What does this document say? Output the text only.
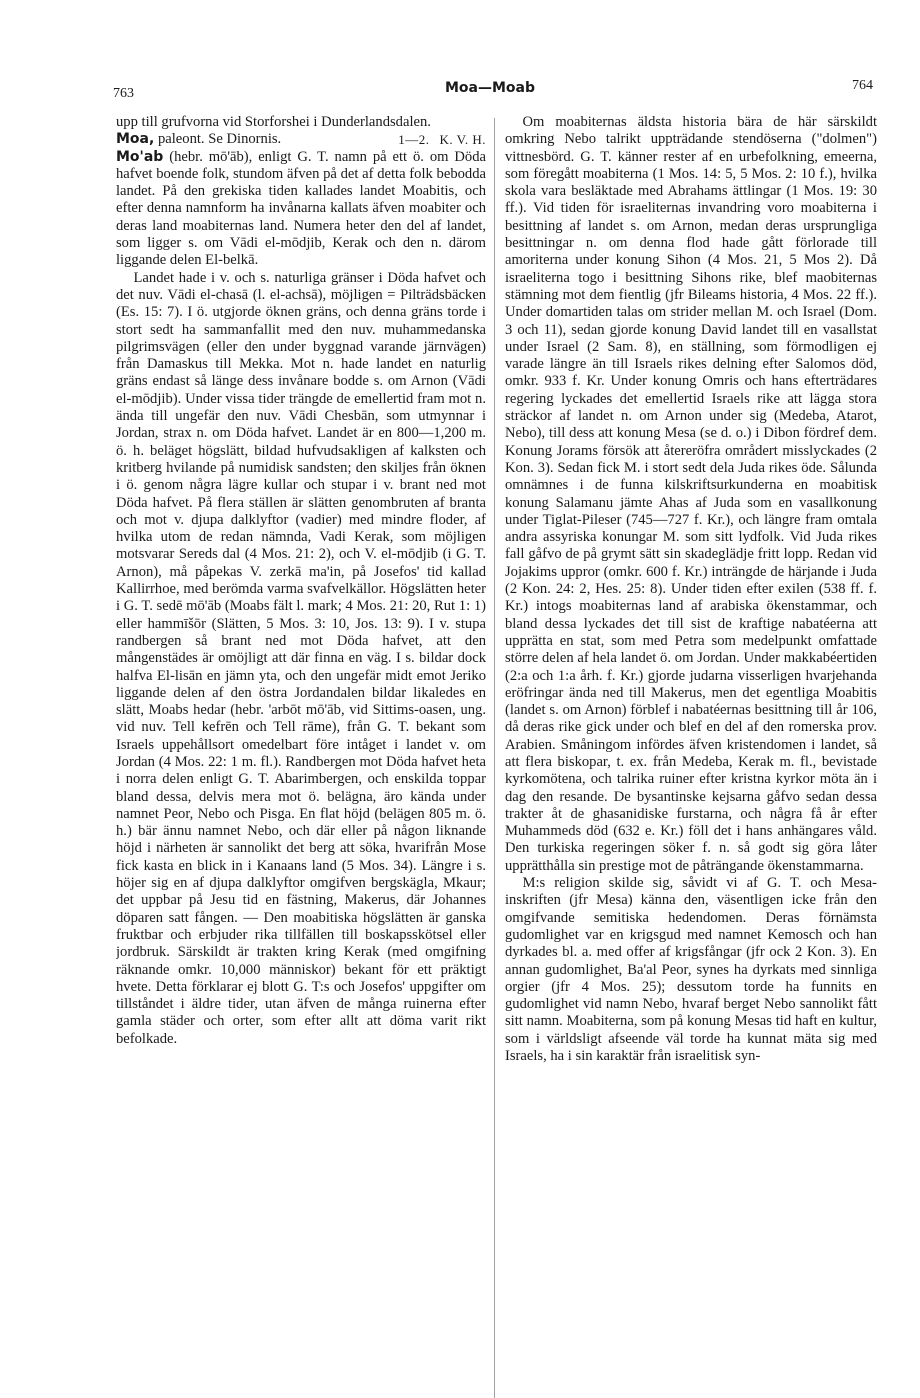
763	Moa—Moab	764

upp till grufvorna vid Storforshei i Dunderlandsdalen.
1—2. K. V. H.

Moa, paleont. Se Dinornis.

Mo'ab (hebr. mō'āb), enligt G. T. namn på ett ö. om Döda hafvet boende folk, stundom äfven på det af detta folk bebodda landet. På den grekiska tiden kallades landet Moabitis, och efter denna namnform ha invånarna kallats äfven moabiter och deras land moabiternas land. Numera heter den del af landet, som ligger s. om Vādi el-mōdjib, Kerak och den n. därom liggande delen El-belkā.

Landet hade i v. och s. naturliga gränser i Döda hafvet och det nuv. Vādi el-chasā (l. el-achsā), möjligen = Pilträdsbäcken (Es. 15: 7). I ö. utgjorde öknen gräns, och denna gräns torde i stort sedt ha sammanfallit med den nuv. muhammedanska pilgrimsvägen (eller den under byggnad varande järnvägen) från Damaskus till Mekka. Mot n. hade landet en naturlig gräns endast så länge dess invånare bodde s. om Arnon (Vādi el-mōdjib). Under vissa tider trängde de emellertid fram mot n. ända till ungefär den nuv. Vādi Chesbān, som utmynnar i Jordan, strax n. om Döda hafvet. Landet är en 800—1,200 m. ö. h. beläget högslätt, bildad hufvudsakligen af kalksten och kritberg hvilande på numidisk sandsten; den skiljes från öknen i ö. genom några lägre kullar och stupar i v. brant ned mot Döda hafvet. På flera ställen är slätten genombruten af branta och mot v. djupa dalklyftor (vadier) med mindre floder, af hvilka utom de redan nämnda, Vadi Kerak, som möjligen motsvarar Sereds dal (4 Mos. 21: 2), och V. el-mōdjib (i G. T. Arnon), må påpekas V. zerkā ma'in, på Josefos' tid kallad Kallirrhoe, med berömda varma svafvelkällor. Högslätten heter i G. T. sedē mō'āb (Moabs fält l. mark; 4 Mos. 21: 20, Rut 1: 1) eller hammīšōr (Slätten, 5 Mos. 3: 10, Jos. 13: 9). I v. stupa randbergen så brant ned mot Döda hafvet, att den mångenstädes är omöjligt att där finna en väg. I s. bildar dock halfva El-lisān en jämn yta, och den ungefär midt emot Jeriko liggande delen af den östra Jordandalen bildar likaledes en slätt, Moabs hedar (hebr. 'arbōt mō'āb, vid Sittims-oasen, ung. vid nuv. Tell kefrēn och Tell rāme), från G. T. bekant som Israels uppehållsort omedelbart före intåget i landet v. om Jordan (4 Mos. 22: 1 m. fl.). Randbergen mot Döda hafvet heta i norra delen enligt G. T. Abarimbergen, och enskilda toppar bland dessa, delvis mera mot ö. belägna, äro kända under namnet Peor, Nebo och Pisga. En flat höjd (belägen 805 m. ö. h.) bär ännu namnet Nebo, och där eller på någon liknande höjd i närheten är sannolikt det berg att söka, hvarifrån Mose fick kasta en blick in i Kanaans land (5 Mos. 34). Längre i s. höjer sig en af djupa dalklyftor omgifven bergskägla, Mkaur; det uppbar på Jesu tid en fästning, Makerus, där Johannes döparen satt fången. — Den moabitiska högslätten är ganska fruktbar och erbjuder rika tillfällen till boskapsskötsel eller jordbruk. Särskildt är trakten kring Kerak (med omgifning räknande omkr. 10,000 människor) bekant för ett präktigt hvete. Detta förklarar ej blott G. T:s och Josefos' uppgifter om tillståndet i äldre tider, utan äfven de många ruinerna efter gamla städer och orter, som efter allt att döma varit rikt befolkade.

Om moabiternas äldsta historia bära de här särskildt omkring Nebo talrikt uppträdande stendöserna ("dolmen") vittnesbörd. G. T. känner rester af en urbefolkning, emeerna, som föregått moabiterna (1 Mos. 14: 5, 5 Mos. 2: 10 f.), hvilka skola vara besläktade med Abrahams ättlingar (1 Mos. 19: 30 ff.). Vid tiden för israeliternas invandring voro moabiterna i besittning af landet s. om Arnon, medan deras ursprungliga besittningar n. om denna flod hade gått förlorade till amoriterna under konung Sihon (4 Mos. 21, 5 Mos 2). Då israeliterna togo i besittning Sihons rike, blef maobiternas stämning mot dem fientlig (jfr Bileams historia, 4 Mos. 22 ff.). Under domartiden talas om strider mellan M. och Israel (Dom. 3 och 11), sedan gjorde konung David landet till en vasallstat under Israel (2 Sam. 8), en ställning, som förmodligen ej varade längre än till Israels rikes delning efter Salomos död, omkr. 933 f. Kr. Under konung Omris och hans efterträdares regering lyckades det emellertid Israels rike att lägga stora sträckor af landet n. om Arnon under sig (Medeba, Atarot, Nebo), till dess att konung Mesa (se d. o.) i Dibon fördref dem. Konung Jorams försök att återeröfra områdert misslyckades (2 Kon. 3). Sedan fick M. i stort sedt dela Juda rikes öde. Sålunda omnämnes i de funna kilskriftsurkunderna en moabitisk konung Salamanu jämte Ahas af Juda som en vasallkonung under Tiglat-Pileser (745—727 f. Kr.), och längre fram omtala andra assyriska konungar M. som sitt lydfolk. Vid Juda rikes fall gåfvo de på grymt sätt sin skadeglädje fritt lopp. Redan vid Jojakims uppror (omkr. 600 f. Kr.) inträngde de härjande i Juda (2 Kon. 24: 2, Hes. 25: 8). Under tiden efter exilen (538 ff. f. Kr.) intogs moabiternas land af arabiska ökenstammar, och bland dessa lyckades det till sist de kraftige nabatéerna att upprätta en stat, som med Petra som medelpunkt omfattade större delen af hela landet ö. om Jordan. Under makkabéertiden (2:a och 1:a årh. f. Kr.) gjorde judarna visserligen hvarjehanda eröfringar ända ned till Makerus, men det egentliga Moabitis (landet s. om Arnon) förblef i nabatéernas besittning till år 106, då deras rike gick under och blef en del af den romerska prov. Arabien. Småningom infördes äfven kristendomen i landet, så att flera biskopar, t. ex. från Medeba, Kerak m. fl., bevistade kyrkomötena, och talrika ruiner efter kristna kyrkor möta än i dag den resande. De bysantinske kejsarna gåfvo sedan dessa trakter åt de ghasanidiske furstarna, och några få år efter Muhammeds död (632 e. Kr.) föll det i hans anhängares våld. Den turkiska regeringen söker f. n. så godt sig göra låter upprätthålla sin prestige mot de påträngande ökenstammarna.

M:s religion skilde sig, såvidt vi af G. T. och Mesa-inskriften (jfr Mesa) känna den, väsentligen icke från den omgifvande semitiska hedendomen. Deras förnämsta gudomlighet var en krigsgud med namnet Kemosch och han dyrkades bl. a. med offer af krigsfångar (jfr ock 2 Kon. 3). En annan gudomlighet, Ba'al Peor, synes ha dyrkats med sinnliga orgier (jfr 4 Mos. 25); dessutom torde ha funnits en gudomlighet vid namn Nebo, hvaraf berget Nebo sannolikt fått sitt namn. Moabiterna, som på konung Mesas tid haft en kultur, som i världsligt afseende väl torde ha kunnat mäta sig med Israels, ha i sin karaktär från israelitisk syn-
